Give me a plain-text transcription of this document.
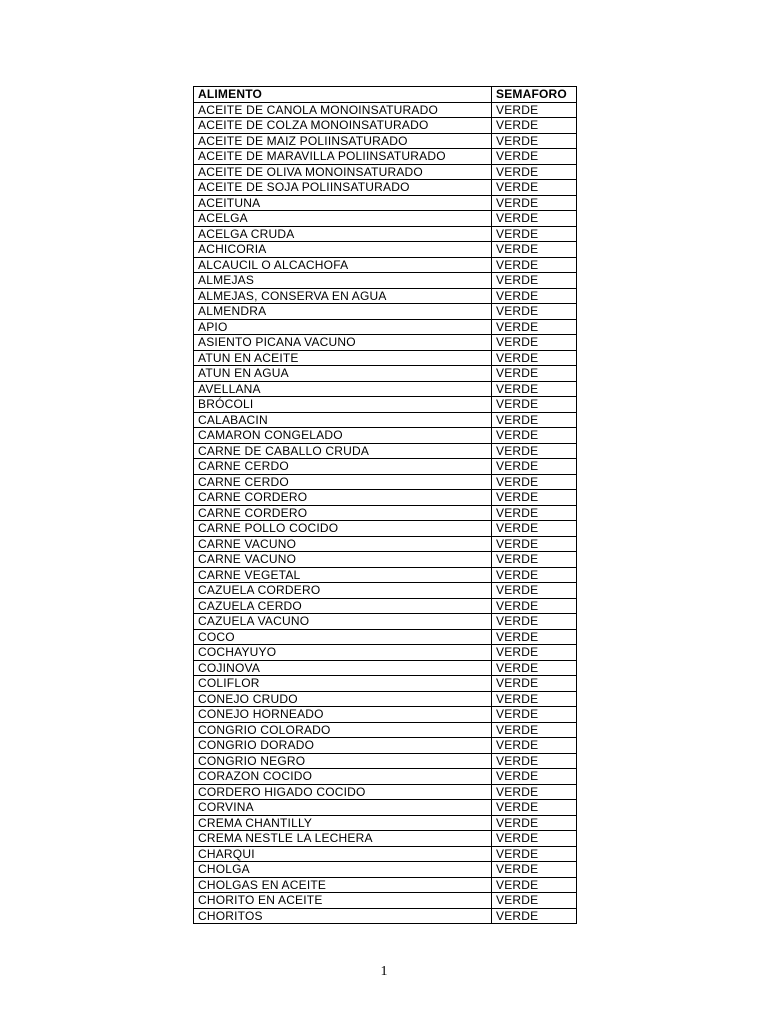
ALIMENTO	SEMAFORO
ACEITE DE CANOLA MONOINSATURADO	VERDE
ACEITE DE COLZA MONOINSATURADO	VERDE
ACEITE DE MAIZ POLIINSATURADO	VERDE
ACEITE DE MARAVILLA POLIINSATURADO	VERDE
ACEITE DE OLIVA MONOINSATURADO	VERDE
ACEITE DE SOJA POLIINSATURADO	VERDE
ACEITUNA	VERDE
ACELGA	VERDE
ACELGA CRUDA	VERDE
ACHICORIA	VERDE
ALCAUCIL O ALCACHOFA	VERDE
ALMEJAS	VERDE
ALMEJAS, CONSERVA EN AGUA	VERDE
ALMENDRA	VERDE
APIO	VERDE
ASIENTO PICANA VACUNO	VERDE
ATUN EN ACEITE	VERDE
ATUN EN AGUA	VERDE
AVELLANA	VERDE
BRÓCOLI	VERDE
CALABACIN	VERDE
CAMARON CONGELADO	VERDE
CARNE DE CABALLO CRUDA	VERDE
CARNE CERDO	VERDE
CARNE CERDO	VERDE
CARNE CORDERO	VERDE
CARNE CORDERO	VERDE
CARNE POLLO COCIDO	VERDE
CARNE VACUNO	VERDE
CARNE VACUNO	VERDE
CARNE VEGETAL	VERDE
CAZUELA CORDERO	VERDE
CAZUELA CERDO	VERDE
CAZUELA VACUNO	VERDE
COCO	VERDE
COCHAYUYO	VERDE
COJINOVA	VERDE
COLIFLOR	VERDE
CONEJO CRUDO	VERDE
CONEJO HORNEADO	VERDE
CONGRIO COLORADO	VERDE
CONGRIO DORADO	VERDE
CONGRIO NEGRO	VERDE
CORAZON COCIDO	VERDE
CORDERO HIGADO COCIDO	VERDE
CORVINA	VERDE
CREMA CHANTILLY	VERDE
CREMA NESTLE LA LECHERA	VERDE
CHARQUI	VERDE
CHOLGA	VERDE
CHOLGAS EN ACEITE	VERDE
CHORITO EN ACEITE	VERDE
CHORITOS	VERDE
1
